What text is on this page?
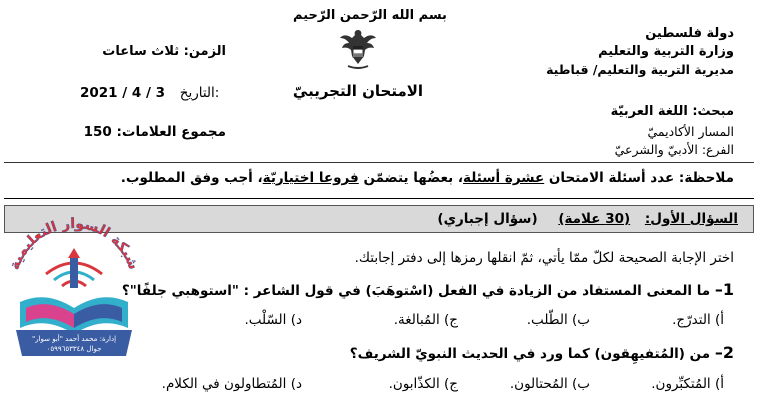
بسم الله الرّحمن الرّحيم
دولة فلسطين
وزارة التربية والتعليم
مديرية التربية والتعليم/ قباطية
الامتحان التجريبيّ
الزمن: ثلاث ساعات
2021 / 4 / 3 التاريخ:
مجموع العلامات: 150
مبحث: اللغة العربيّة
المسار الأكاديميّ
الفرع: الأدبيّ والشرعيّ
ملاحظة: عدد أسئلة الامتحان عشرة أسئلة، بعضُها يتضمّن فروعا اختياريّة، أجب وفق المطلوب.
السؤال الأول: (30 علامة) (سؤال إجباري)
اختر الإجابة الصحيحة لكلّ ممّا يأتي، ثمّ انقلها رمزها إلى دفتر إجابتك.
1– ما المعنى المستفاد من الزيادة في الفعل (اسْتوهَبَ) في قول الشاعر : "استوهبي جلفًا"؟
أ) التدرّج.
ب) الطّلب.
ج) المُبالغة.
د) السّلْب.
2– من (المُتفيهِقون) كما ورد في الحديث النبويّ الشريف؟
أ) المُتكبِّرون.
ب) المُحتالون.
ج) الكذّابون.
د) المُتطاولون في الكلام.
شبكة السوار التعليمية
إدارة: محمد أحمد "أبو سوار"
جوال ٠٥٩٩٦٥٣٣٤٨
